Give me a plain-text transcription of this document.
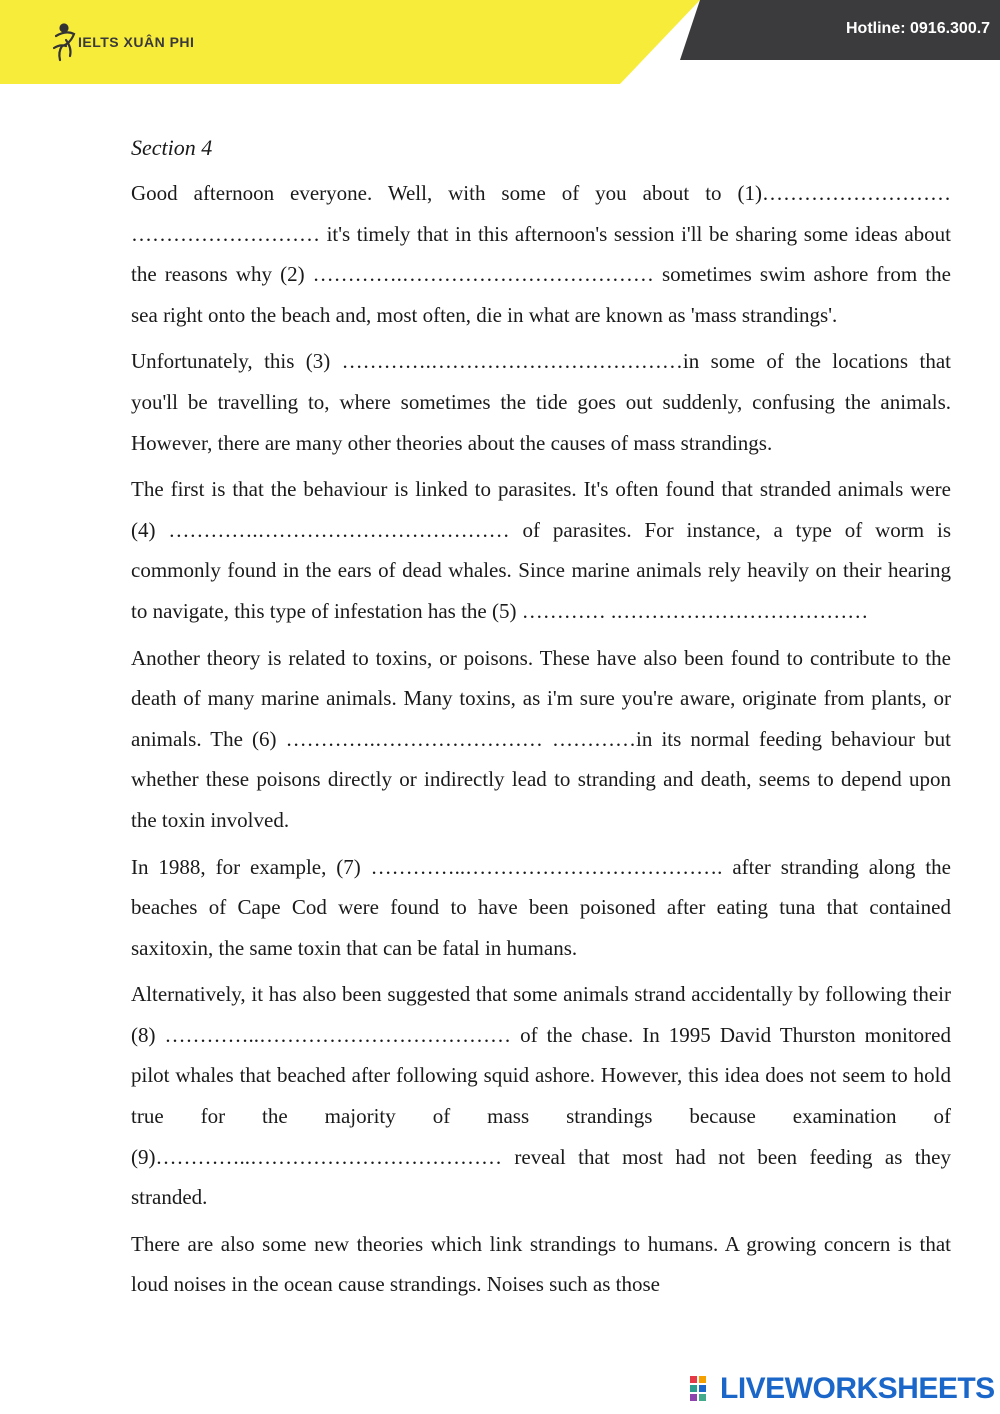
IELTS XUÂN PHI
Hotline: 0916.300.7

Section 4

Good afternoon everyone. Well, with some of you about to (1)……………………… ……………………… it's timely that in this afternoon's session i'll be sharing some ideas about the reasons why (2) ………….……………………………… sometimes swim ashore from the sea right onto the beach and, most often, die in what are known as 'mass strandings'.

Unfortunately, this (3) ………….………………………………in some of the locations that you'll be travelling to, where sometimes the tide goes out suddenly, confusing the animals. However, there are many other theories about the causes of mass strandings.

The first is that the behaviour is linked to parasites. It's often found that stranded animals were (4) ………….……………………………… of parasites. For instance, a type of worm is commonly found in the ears of dead whales. Since marine animals rely heavily on their hearing to navigate, this type of infestation has the (5) ………… .………………………………

Another theory is related to toxins, or poisons. These have also been found to contribute to the death of many marine animals. Many toxins, as i'm sure you're aware, originate from plants, or animals. The (6) ………….…………………… …………in its normal feeding behaviour but whether these poisons directly or indirectly lead to stranding and death, seems to depend upon the toxin involved.

In 1988, for example, (7) …………..………………………………. after stranding along the beaches of Cape Cod were found to have been poisoned after eating tuna that contained saxitoxin, the same toxin that can be fatal in humans.

Alternatively, it has also been suggested that some animals strand accidentally by following their (8) …………..……………………………… of the chase. In 1995 David Thurston monitored pilot whales that beached after following squid ashore. However, this idea does not seem to hold true for the majority of mass strandings because examination of (9)…………..……………………………… reveal that most had not been feeding as they stranded.

There are also some new theories which link strandings to humans. A growing concern is that loud noises in the ocean cause strandings. Noises such as those

LIVEWORKSHEETS
